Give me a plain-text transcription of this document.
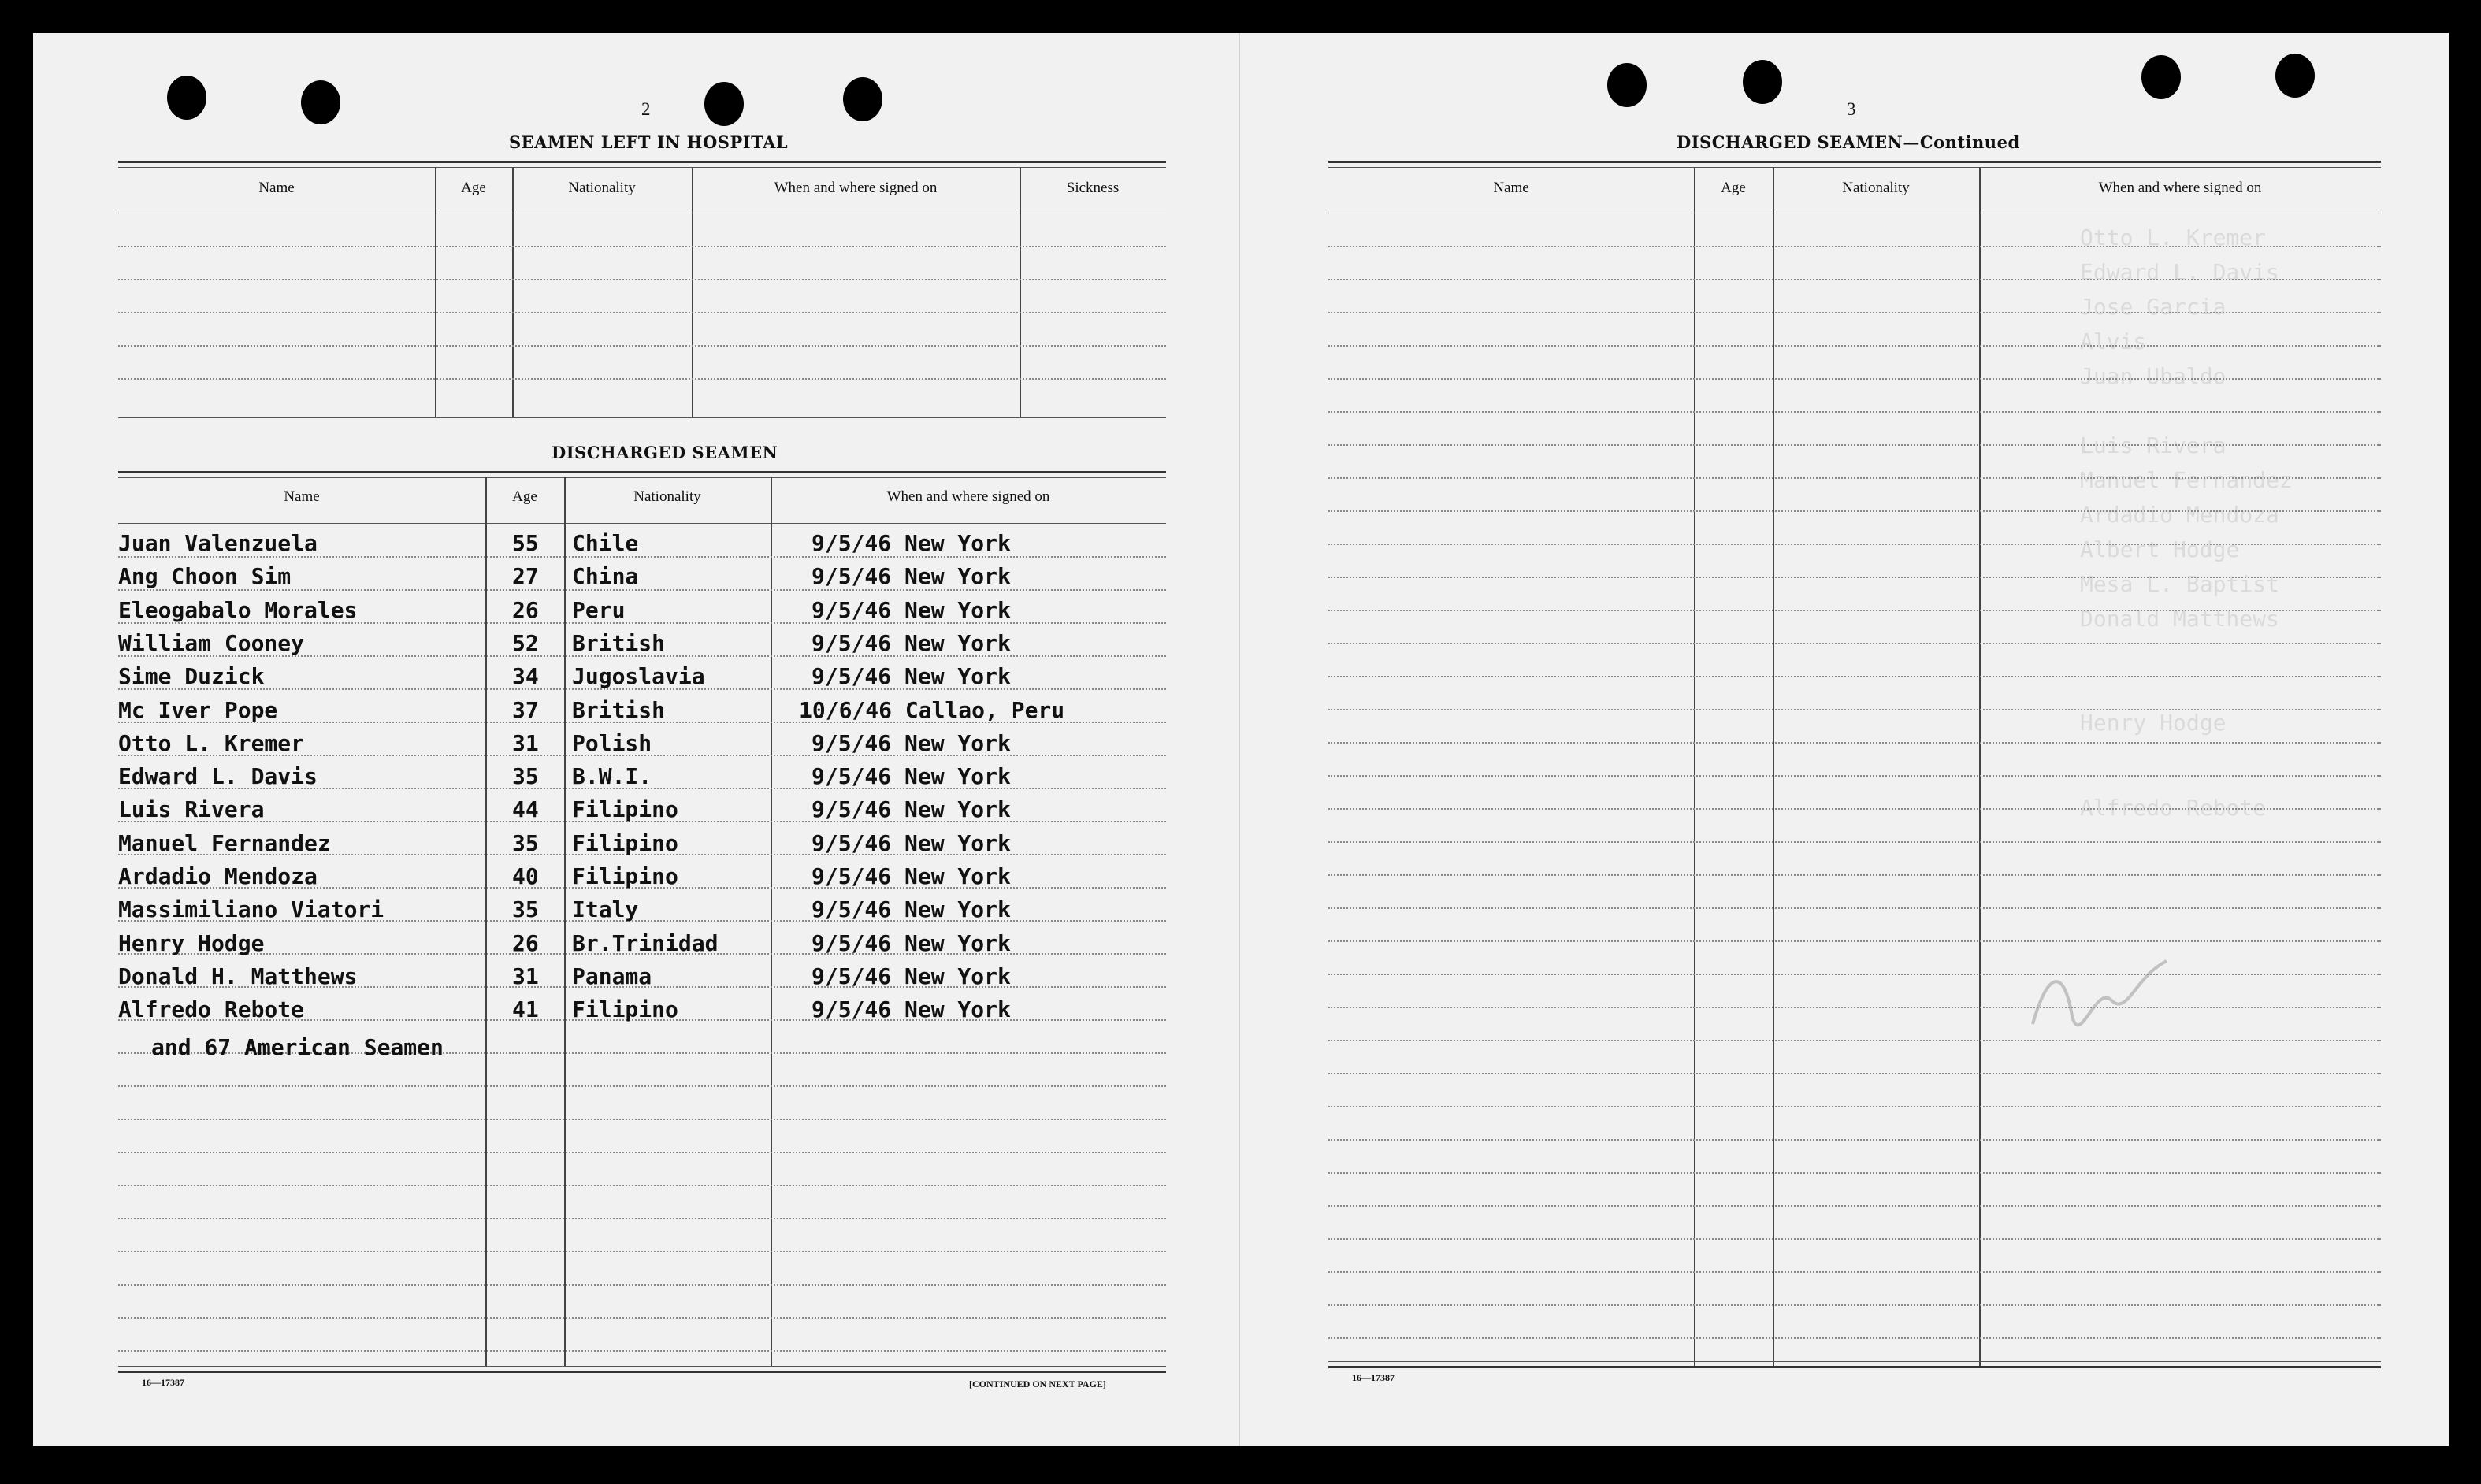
Otto L. Kremer
Edward L. Davis
Jose Garcia
Alvis
Juan Ubaldo
Luis Rivera
Manuel Fernandez
Ardadio Mendoza
Albert Hodge
Mesa L. Baptist
Donald Matthews
Henry Hodge
Alfredo Rebote
2
SEAMEN LEFT IN HOSPITAL
Name	Age	Nationality	When and where signed on	Sickness
DISCHARGED SEAMEN
Name	Age	Nationality	When and where signed on
Juan Valenzuela	55 Chile	9/5/46 New York
Ang Choon Sim	27 China	9/5/46 New York
Eleogabalo Morales	26 Peru	9/5/46 New York
William Cooney	52 British	9/5/46 New York
Sime Duzick	34 Jugoslavia	9/5/46 New York
Mc Iver Pope	37 British	10/6/46 Callao, Peru
Otto L. Kremer	31 Polish	9/5/46 New York
Edward L. Davis	35 B.W.I.	9/5/46 New York
Luis Rivera	44 Filipino	9/5/46 New York
Manuel Fernandez	35 Filipino	9/5/46 New York
Ardadio Mendoza	40 Filipino	9/5/46 New York
Massimiliano Viatori	35 Italy	9/5/46 New York
Henry Hodge	26 Br.Trinidad	9/5/46 New York
Donald H. Matthews	31 Panama	9/5/46 New York
Alfredo Rebote	41 Filipino	9/5/46 New York
and 67 American Seamen
16—17387	[CONTINUED ON NEXT PAGE]
3
DISCHARGED SEAMEN—Continued
Name	Age	Nationality	When and where signed on
16—17387
